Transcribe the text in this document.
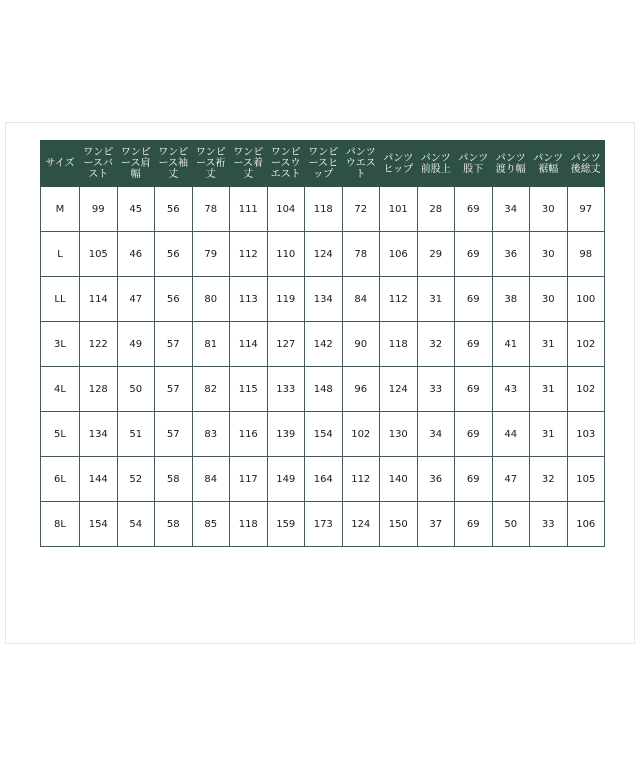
サイズ	ワンピースバスト	ワンピース肩幅	ワンピース袖丈	ワンピース裄丈	ワンピース着丈	ワンピースウエスト	ワンピースヒップ	パンツウエスト	パンツヒップ	パンツ前股上	パンツ股下	パンツ渡り幅	パンツ裾幅	パンツ後総丈
M	99	45	56	78	111	104	118	72	101	28	69	34	30	97
L	105	46	56	79	112	110	124	78	106	29	69	36	30	98
LL	114	47	56	80	113	119	134	84	112	31	69	38	30	100
3L	122	49	57	81	114	127	142	90	118	32	69	41	31	102
4L	128	50	57	82	115	133	148	96	124	33	69	43	31	102
5L	134	51	57	83	116	139	154	102	130	34	69	44	31	103
6L	144	52	58	84	117	149	164	112	140	36	69	47	32	105
8L	154	54	58	85	118	159	173	124	150	37	69	50	33	106
